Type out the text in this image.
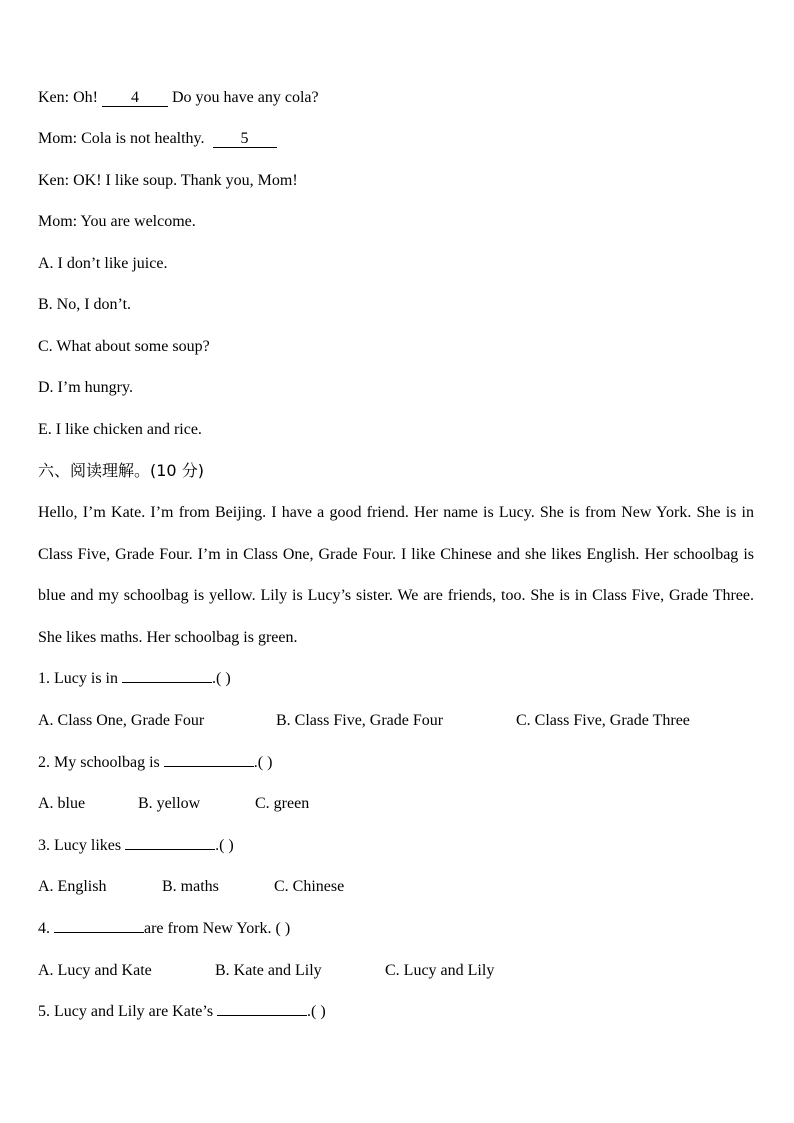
Ken: Oh! 4 Do you have any cola?
Mom: Cola is not healthy. 5
Ken: OK! I like soup. Thank you, Mom!
Mom: You are welcome.
A. I don’t like juice.
B. No, I don’t.
C. What about some soup?
D. I’m hungry.
E. I like chicken and rice.
六、阅读理解。(10 分)
Hello, I’m Kate. I’m from Beijing. I have a good friend. Her name is Lucy. She is from New York. She is in Class Five, Grade Four. I’m in Class One, Grade Four. I like Chinese and she likes English. Her schoolbag is blue and my schoolbag is yellow. Lily is Lucy’s sister. We are friends, too. She is in Class Five, Grade Three. She likes maths. Her schoolbag is green.
1. Lucy is in	.( )
A. Class One, Grade Four	B. Class Five, Grade Four	C. Class Five, Grade Three
2. My schoolbag is	.( )
A. blue	B. yellow	C. green
3. Lucy likes	.( )
A. English	B. maths	C. Chinese
4.	are from New York. ( )
A. Lucy and Kate	B. Kate and Lily	C. Lucy and Lily
5. Lucy and Lily are Kate’s	.( )
